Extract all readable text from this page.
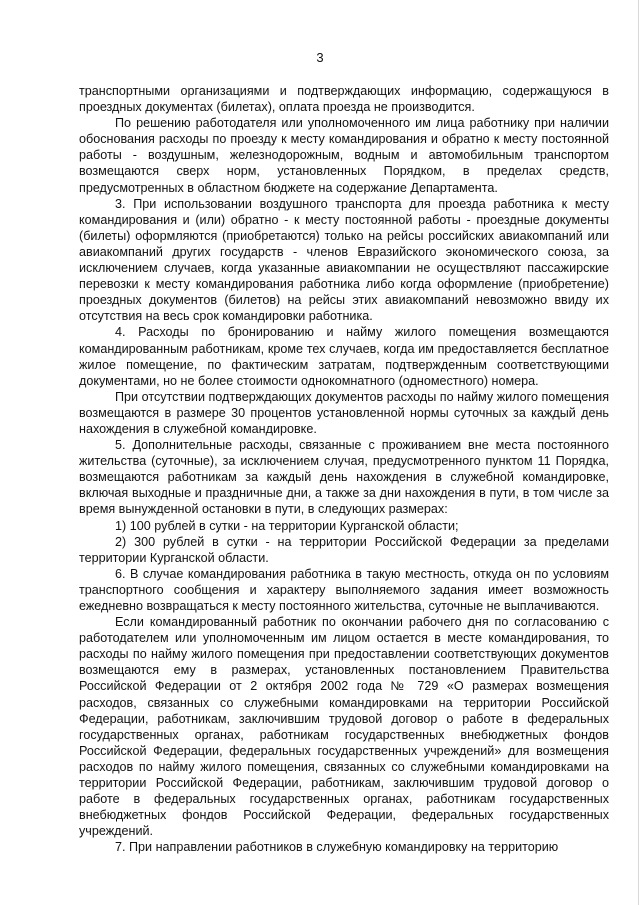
3

транспортными организациями и подтверждающих информацию, содержащуюся в проездных документах (билетах), оплата проезда не производится.

По решению работодателя или уполномоченного им лица работнику при наличии обоснования расходы по проезду к месту командирования и обратно к месту постоянной работы - воздушным, железнодорожным, водным и автомобильным транспортом возмещаются сверх норм, установленных Порядком, в пределах средств, предусмотренных в областном бюджете на содержание Департамента.

3. При использовании воздушного транспорта для проезда работника к месту командирования и (или) обратно - к месту постоянной работы - проездные документы (билеты) оформляются (приобретаются) только на рейсы российских авиакомпаний или авиакомпаний других государств - членов Евразийского экономического союза, за исключением случаев, когда указанные авиакомпании не осуществляют пассажирские перевозки к месту командирования работника либо когда оформление (приобретение) проездных документов (билетов) на рейсы этих авиакомпаний невозможно ввиду их отсутствия на весь срок командировки работника.

4. Расходы по бронированию и найму жилого помещения возмещаются командированным работникам, кроме тех случаев, когда им предоставляется бесплатное жилое помещение, по фактическим затратам, подтвержденным соответствующими документами, но не более стоимости однокомнатного (одноместного) номера.

При отсутствии подтверждающих документов расходы по найму жилого помещения возмещаются в размере 30 процентов установленной нормы суточных за каждый день нахождения в служебной командировке.

5. Дополнительные расходы, связанные с проживанием вне места постоянного жительства (суточные), за исключением случая, предусмотренного пунктом 11 Порядка, возмещаются работникам за каждый день нахождения в служебной командировке, включая выходные и праздничные дни, а также за дни нахождения в пути, в том числе за время вынужденной остановки в пути, в следующих размерах:

1) 100 рублей в сутки - на территории Курганской области;

2) 300 рублей в сутки - на территории Российской Федерации за пределами территории Курганской области.

6. В случае командирования работника в такую местность, откуда он по условиям транспортного сообщения и характеру выполняемого задания имеет возможность ежедневно возвращаться к месту постоянного жительства, суточные не выплачиваются.

Если командированный работник по окончании рабочего дня по согласованию с работодателем или уполномоченным им лицом остается в месте командирования, то расходы по найму жилого помещения при предоставлении соответствующих документов возмещаются ему в размерах, установленных постановлением Правительства Российской Федерации от 2 октября 2002 года № 729 «О размерах возмещения расходов, связанных со служебными командировками на территории Российской Федерации, работникам, заключившим трудовой договор о работе в федеральных государственных органах, работникам государственных внебюджетных фондов Российской Федерации, федеральных государственных учреждений» для возмещения расходов по найму жилого помещения, связанных со служебными командировками на территории Российской Федерации, работникам, заключившим трудовой договор о работе в федеральных государственных органах, работникам государственных внебюджетных фондов Российской Федерации, федеральных государственных учреждений.

7. При направлении работников в служебную командировку на территорию
